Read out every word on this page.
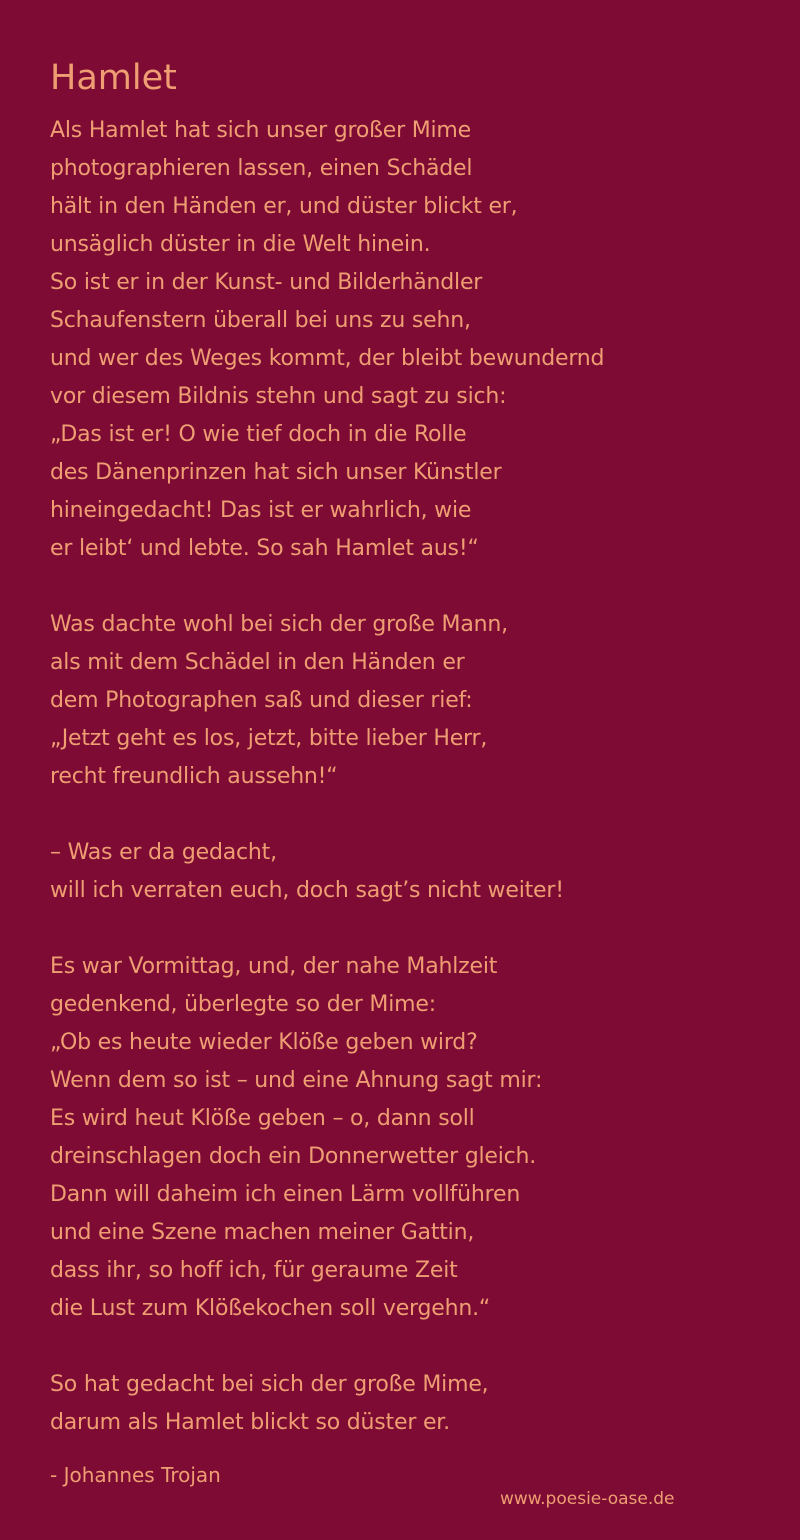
Hamlet
Als Hamlet hat sich unser großer Mime
photographieren lassen, einen Schädel
hält in den Händen er, und düster blickt er,
unsäglich düster in die Welt hinein.
So ist er in der Kunst- und Bilderhändler
Schaufenstern überall bei uns zu sehn,
und wer des Weges kommt, der bleibt bewundernd
vor diesem Bildnis stehn und sagt zu sich:
„Das ist er! O wie tief doch in die Rolle
des Dänenprinzen hat sich unser Künstler
hineingedacht! Das ist er wahrlich, wie
er leibt‘ und lebte. So sah Hamlet aus!“
Was dachte wohl bei sich der große Mann,
als mit dem Schädel in den Händen er
dem Photographen saß und dieser rief:
„Jetzt geht es los, jetzt, bitte lieber Herr,
recht freundlich aussehn!“
– Was er da gedacht,
will ich verraten euch, doch sagt’s nicht weiter!
Es war Vormittag, und, der nahe Mahlzeit
gedenkend, überlegte so der Mime:
„Ob es heute wieder Klöße geben wird?
Wenn dem so ist – und eine Ahnung sagt mir:
Es wird heut Klöße geben – o, dann soll
dreinschlagen doch ein Donnerwetter gleich.
Dann will daheim ich einen Lärm vollführen
und eine Szene machen meiner Gattin,
dass ihr, so hoff ich, für geraume Zeit
die Lust zum Klößekochen soll vergehn.“
So hat gedacht bei sich der große Mime,
darum als Hamlet blickt so düster er.
- Johannes Trojan
www.poesie-oase.de
